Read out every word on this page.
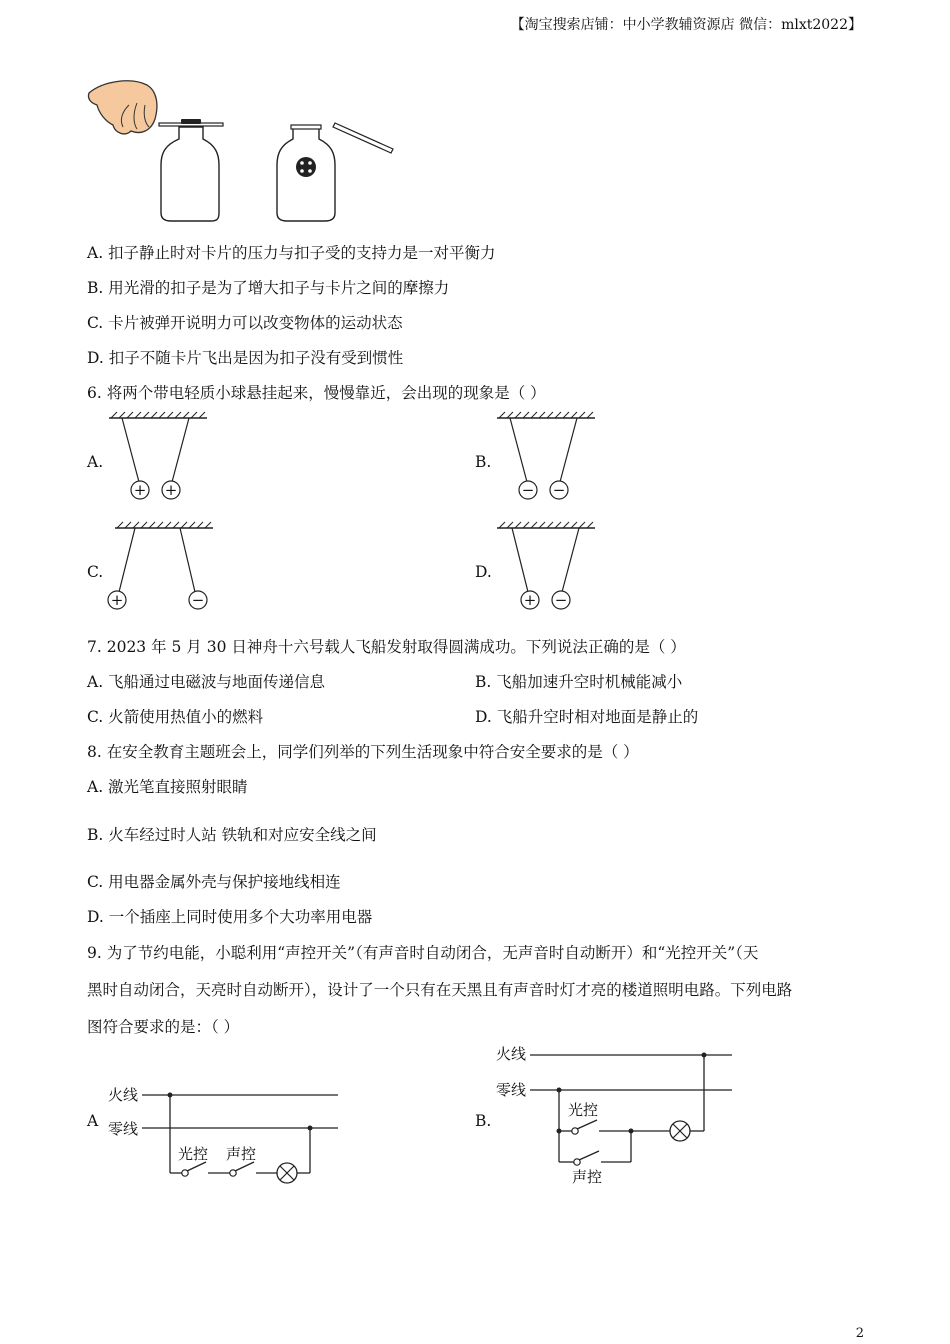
【淘宝搜索店铺：中小学教辅资源店 微信：mlxt2022】
A. 扣子静止时对卡片的压力与扣子受的支持力是一对平衡力
B. 用光滑的扣子是为了增大扣子与卡片之间的摩擦力
C. 卡片被弹开说明力可以改变物体的运动状态
D. 扣子不随卡片飞出是因为扣子没有受到惯性
6. 将两个带电轻质小球悬挂起来，慢慢靠近，会出现的现象是（ ）
A.	B.
C.	D.
+ +	− −
+	−	+ −
7. 2023 年 5 月 30 日神舟十六号载人飞船发射取得圆满成功。下列说法正确的是（ ）
A. 飞船通过电磁波与地面传递信息	B. 飞船加速升空时机械能减小
C. 火箭使用热值小的燃料	D. 飞船升空时相对地面是静止的
8. 在安全教育主题班会上，同学们列举的下列生活现象中符合安全要求的是（ ）
A. 激光笔直接照射眼睛
B. 火车经过时人站 铁轨和对应安全线之间
C. 用电器金属外壳与保护接地线相连
D. 一个插座上同时使用多个大功率用电器
9. 为了节约电能，小聪利用“声控开关”（有声音时自动闭合，无声音时自动断开）和“光控开关”（天
黑时自动闭合，天亮时自动断开），设计了一个只有在天黑且有声音时灯才亮的楼道照明电路。下列电路
图符合要求的是：（ ）
A
火线
零线
光控 声控
B.
火线
零线
光控
声控
2
